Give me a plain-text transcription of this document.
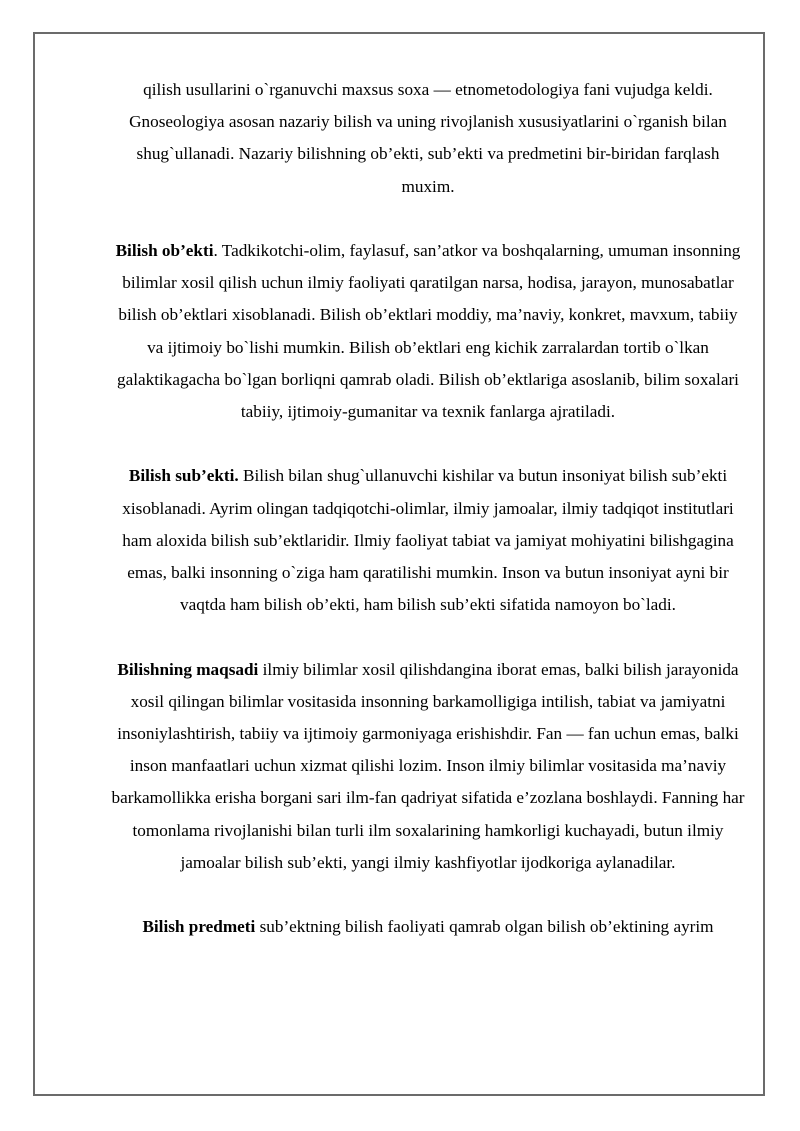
qilish usullarini o`rganuvchi maxsus soxa — etnometodologiya fani vujudga keldi. Gnoseologiya asosan nazariy bilish va uning rivojlanish xususiyatlarini o`rganish bilan shug`ullanadi. Nazariy bilishning ob’ekti, sub’ekti va predmetini bir-biridan farqlash muxim.

Bilish ob’ekti. Tadkikotchi-olim, faylasuf, san’atkor va boshqalarning, umuman insonning bilimlar xosil qilish uchun ilmiy faoliyati qaratilgan narsa, hodisa, jarayon, munosabatlar bilish ob’ektlari xisoblanadi. Bilish ob’ektlari moddiy, ma’naviy, konkret, mavxum, tabiiy va ijtimoiy bo`lishi mumkin. Bilish ob’ektlari eng kichik zarralardan tortib o`lkan galaktikagacha bo`lgan borliqni qamrab oladi. Bilish ob’ektlariga asoslanib, bilim soxalari tabiiy, ijtimoiy-gumanitar va texnik fanlarga ajratiladi.

Bilish sub’ekti. Bilish bilan shug`ullanuvchi kishilar va butun insoniyat bilish sub’ekti xisoblanadi. Ayrim olingan tadqiqotchi-olimlar, ilmiy jamoalar, ilmiy tadqiqot institutlari ham aloxida bilish sub’ektlaridir. Ilmiy faoliyat tabiat va jamiyat mohiyatini bilishgagina emas, balki insonning o`ziga ham qaratilishi mumkin. Inson va butun insoniyat ayni bir vaqtda ham bilish ob’ekti, ham bilish sub’ekti sifatida namoyon bo`ladi.

Bilishning maqsadi ilmiy bilimlar xosil qilishdangina iborat emas, balki bilish jarayonida xosil qilingan bilimlar vositasida insonning barkamolligiga intilish, tabiat va jamiyatni insoniylashtirish, tabiiy va ijtimoiy garmoniyaga erishishdir. Fan — fan uchun emas, balki inson manfaatlari uchun xizmat qilishi lozim. Inson ilmiy bilimlar vositasida ma’naviy barkamollikka erisha borgani sari ilm-fan qadriyat sifatida e’zozlana boshlaydi. Fanning har tomonlama rivojlanishi bilan turli ilm soxalarining hamkorligi kuchayadi, butun ilmiy jamoalar bilish sub’ekti, yangi ilmiy kashfiyotlar ijodkoriga aylanadilar.

Bilish predmeti sub’ektning bilish faoliyati qamrab olgan bilish ob’ektining ayrim
